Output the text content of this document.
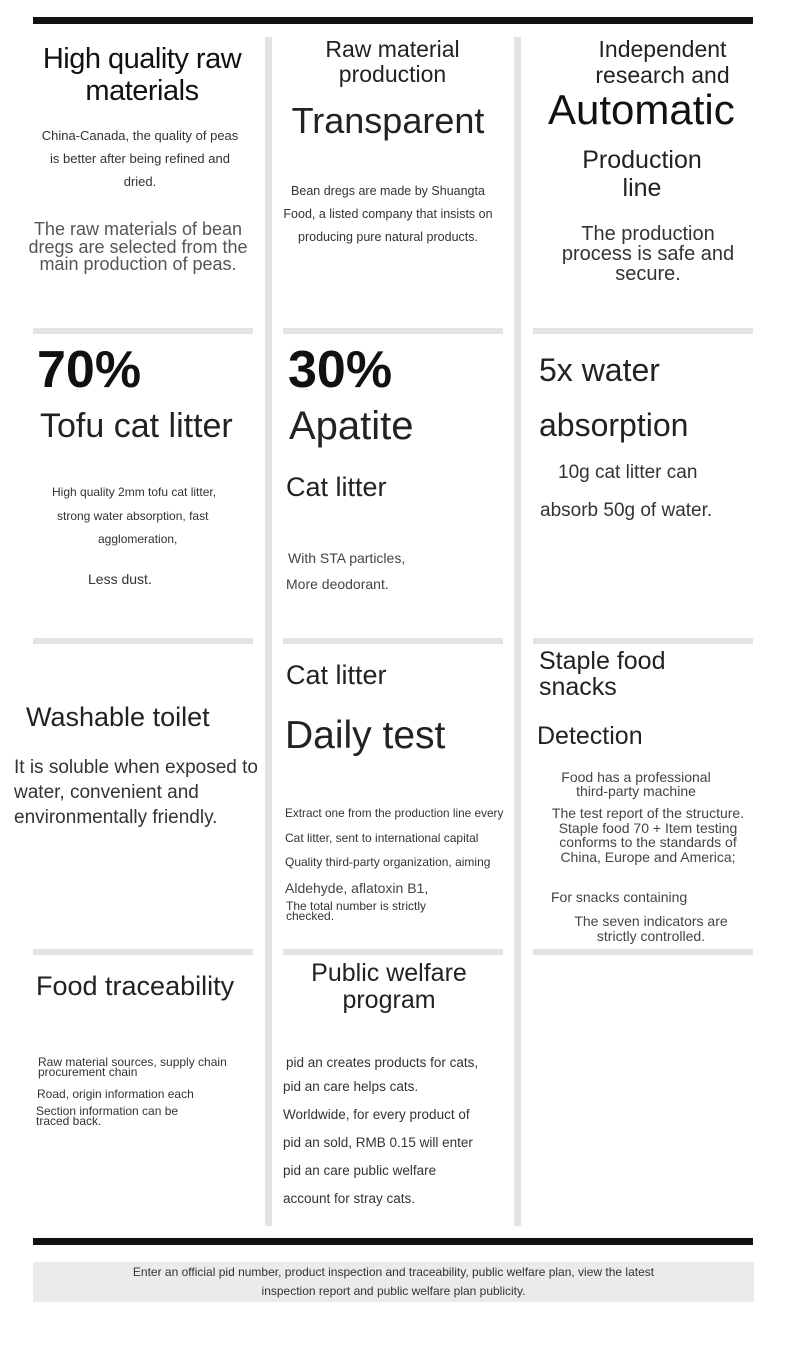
High quality raw materials

China-Canada, the quality of peas is better after being refined and dried.

The raw materials of bean dregs are selected from the main production of peas.

Raw material production

Transparent

Bean dregs are made by Shuangta Food, a listed company that insists on producing pure natural products.

Independent research and

Automatic

Production line

The production process is safe and secure.

70%

Tofu cat litter

High quality 2mm tofu cat litter,

strong water absorption, fast

agglomeration,

Less dust.

30%

Apatite

Cat litter

With STA particles,

More deodorant.

5x water

absorption

10g cat litter can

absorb 50g of water.

Washable toilet

It is soluble when exposed to water, convenient and environmentally friendly.

Cat litter

Daily test

Extract one from the production line every

Cat litter, sent to international capital

Quality third-party organization, aiming

Aldehyde, aflatoxin B1,

The total number is strictly checked.

Staple food snacks

Detection

Food has a professional third-party machine

The test report of the structure. Staple food 70 + Item testing conforms to the standards of China, Europe and America;

For snacks containing

The seven indicators are strictly controlled.

Food traceability

Raw material sources, supply chain procurement chain

Road, origin information each

Section information can be traced back.

Public welfare program

pid an creates products for cats,

pid an care helps cats.

Worldwide, for every product of

pid an sold, RMB 0.15 will enter

pid an care public welfare

account for stray cats.

Enter an official pid number, product inspection and traceability, public welfare plan, view the latest

inspection report and public welfare plan publicity.
